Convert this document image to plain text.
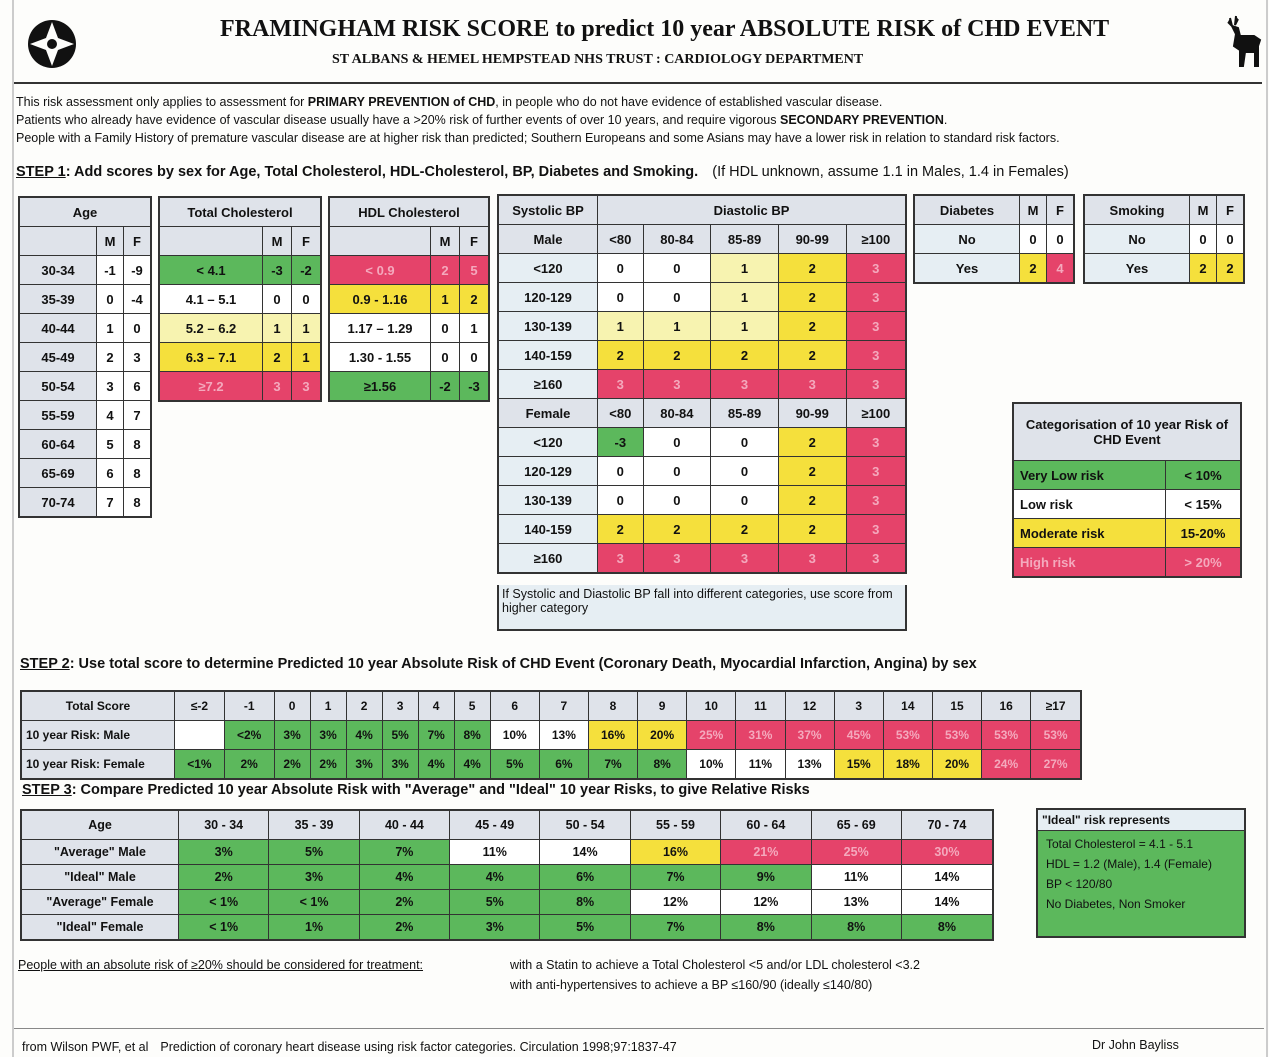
FRAMINGHAM RISK SCORE to predict 10 year ABSOLUTE RISK of CHD EVENT
ST ALBANS & HEMEL HEMPSTEAD NHS TRUST : CARDIOLOGY DEPARTMENT
This risk assessment only applies to assessment for PRIMARY PREVENTION of CHD, in people who do not have evidence of established vascular disease.
Patients who already have evidence of vascular disease usually have a >20% risk of further events of over 10 years, and require vigorous SECONDARY PREVENTION.
People with a Family History of premature vascular disease are at higher risk than predicted; Southern Europeans and some Asians may have a lower risk in relation to standard risk factors.
STEP 1: Add scores by sex for Age, Total Cholesterol, HDL-Cholesterol, BP, Diabetes and Smoking. (If HDL unknown, assume 1.1 in Males, 1.4 in Females)
Age		
	M	F
30-34	-1	-9
35-39	0	-4
40-44	1	0
45-49	2	3
50-54	3	6
55-59	4	7
60-64	5	8
65-69	6	8
70-74	7	8
Total Cholesterol		
	M	F
< 4.1	-3	-2
4.1 – 5.1	0	0
5.2 – 6.2	1	1
6.3 – 7.1	2	1
≥7.2	3	3
HDL Cholesterol		
	M	F
< 0.9	2	5
0.9 - 1.16	1	2
1.17 – 1.29	0	1
1.30 - 1.55	0	0
≥1.56	-2	-3
Systolic BP	Diastolic BP				
Male	<80	80-84	85-89	90-99	≥100
<120	0	0	1	2	3
120-129	0	0	1	2	3
130-139	1	1	1	2	3
140-159	2	2	2	2	3
≥160	3	3	3	3	3
Female	<80	80-84	85-89	90-99	≥100
<120	-3	0	0	2	3
120-129	0	0	0	2	3
130-139	0	0	0	2	3
140-159	2	2	2	2	3
≥160	3	3	3	3	3
If Systolic and Diastolic BP fall into different categories, use score from higher category
Diabetes	M	F
No	0	0
Yes	2	4
Smoking	M	F
No	0	0
Yes	2	2
Categorisation of 10 year Risk of CHD Event	
Very Low risk	< 10%
Low risk	< 15%
Moderate risk	15-20%
High risk	> 20%
STEP 2: Use total score to determine Predicted 10 year Absolute Risk of CHD Event (Coronary Death, Myocardial Infarction, Angina) by sex
Total Score	≤-2	-1	0	1	2	3	4	5	6	7	8	9	10	11	12	3	14	15	16	≥17
10 year Risk: Male		<2%	3%	3%	4%	5%	7%	8%	10%	13%	16%	20%	25%	31%	37%	45%	53%	53%	53%	53%
10 year Risk: Female	<1%	2%	2%	2%	3%	3%	4%	4%	5%	6%	7%	8%	10%	11%	13%	15%	18%	20%	24%	27%
STEP 3: Compare Predicted 10 year Absolute Risk with "Average" and "Ideal" 10 year Risks, to give Relative Risks
Age	30 - 34	35 - 39	40 - 44	45 - 49	50 - 54	55 - 59	60 - 64	65 - 69	70 - 74
"Average" Male	3%	5%	7%	11%	14%	16%	21%	25%	30%
"Ideal" Male	2%	3%	4%	4%	6%	7%	9%	11%	14%
"Average" Female	< 1%	< 1%	2%	5%	8%	12%	12%	13%	14%
"Ideal" Female	< 1%	1%	2%	3%	5%	7%	8%	8%	8%
"Ideal" risk represents
Total Cholesterol = 4.1 - 5.1
HDL = 1.2 (Male), 1.4 (Female)
BP < 120/80
No Diabetes, Non Smoker
People with an absolute risk of ≥20% should be considered for treatment:	with a Statin to achieve a Total Cholesterol <5 and/or LDL cholesterol <3.2
with anti-hypertensives to achieve a BP ≤160/90 (ideally ≤140/80)
from Wilson PWF, et al Prediction of coronary heart disease using risk factor categories. Circulation 1998;97:1837-47	Dr John Bayliss
